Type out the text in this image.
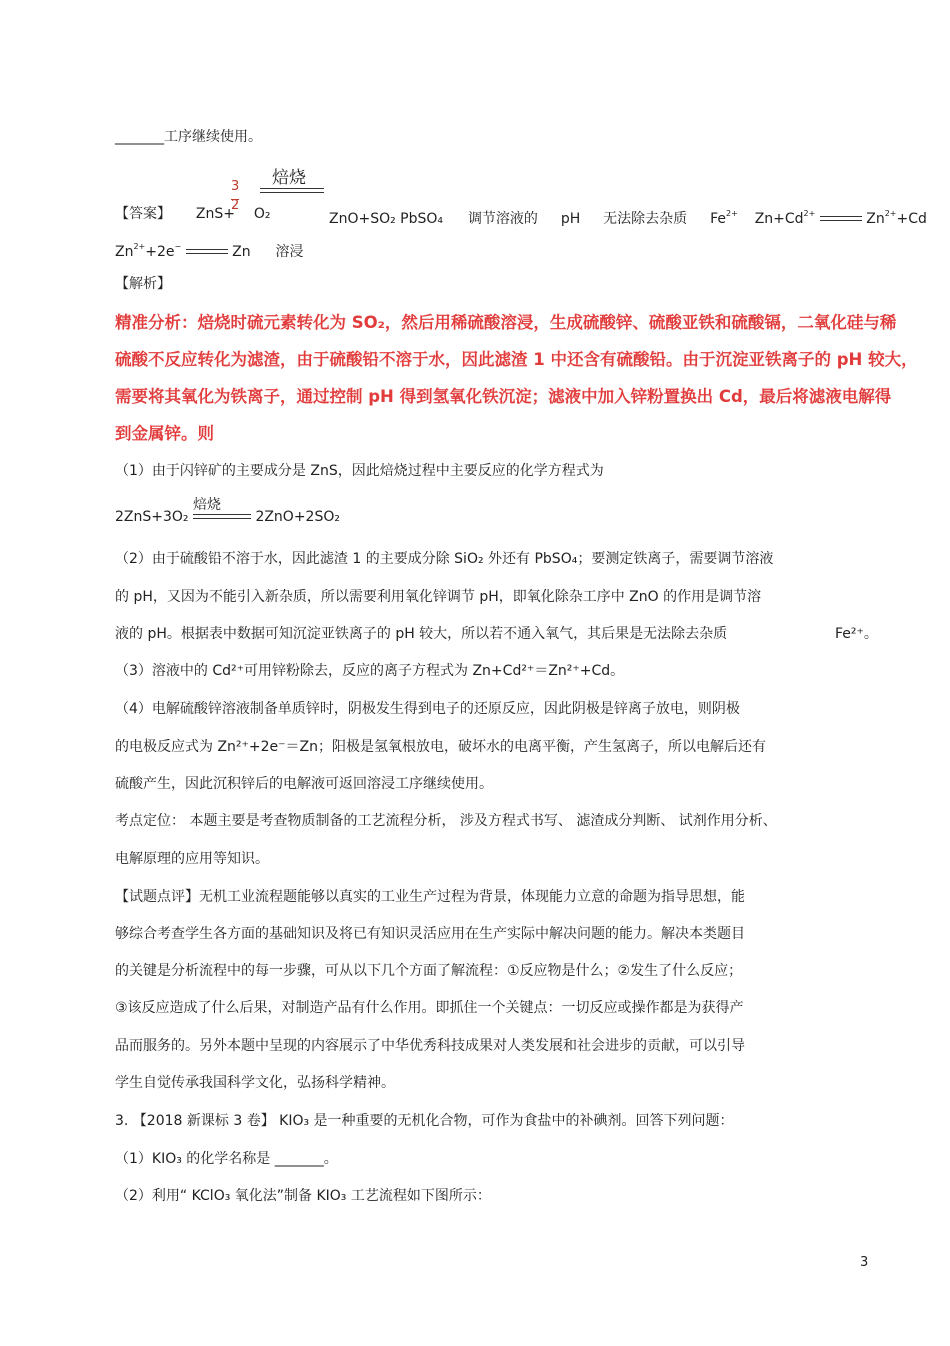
_______工序继续使用。
焙烧
3
2
【答案】 ZnS+ O₂	ZnO+SO₂ PbSO₄ 调节溶液的 pH 无法除去杂质 $Fe^{2+}$ $Zn+Cd^{2+}$	$Zn^{2+}+Cd$
$Zn^{2+}+2e^-$	Zn 溶浸
【解析】
精准分析：焙烧时硫元素转化为 SO₂，然后用稀硫酸溶浸，生成硫酸锌、硫酸亚铁和硫酸镉，二氧化硅与稀
硫酸不反应转化为滤渣，由于硫酸铅不溶于水，因此滤渣 1 中还含有硫酸铅。由于沉淀亚铁离子的 pH 较大，
需要将其氧化为铁离子，通过控制 pH 得到氢氧化铁沉淀；滤液中加入锌粉置换出 Cd，最后将滤液电解得
到金属锌。则
（1）由于闪锌矿的主要成分是 ZnS，因此焙烧过程中主要反应的化学方程式为
焙烧
2ZnS+3O₂	2ZnO+2SO₂
（2）由于硫酸铅不溶于水，因此滤渣 1 的主要成分除 SiO₂ 外还有 PbSO₄；要测定铁离子，需要调节溶液
的 pH，又因为不能引入新杂质，所以需要利用氧化锌调节 pH，即氧化除杂工序中 ZnO 的作用是调节溶
液的 pH。根据表中数据可知沉淀亚铁离子的 pH 较大，所以若不通入氧气，其后果是无法除去杂质	Fe²⁺。
（3）溶液中的 Cd²⁺可用锌粉除去，反应的离子方程式为 Zn+Cd²⁺＝Zn²⁺+Cd。
（4）电解硫酸锌溶液制备单质锌时，阴极发生得到电子的还原反应，因此阴极是锌离子放电，则阴极
的电极反应式为 Zn²⁺+2e⁻＝Zn；阳极是氢氧根放电，破坏水的电离平衡，产生氢离子，所以电解后还有
硫酸产生，因此沉积锌后的电解液可返回溶浸工序继续使用。
考点定位： 本题主要是考查物质制备的工艺流程分析， 涉及方程式书写、 滤渣成分判断、 试剂作用分析、
电解原理的应用等知识。
【试题点评】无机工业流程题能够以真实的工业生产过程为背景，体现能力立意的命题为指导思想，能
够综合考查学生各方面的基础知识及将已有知识灵活应用在生产实际中解决问题的能力。解决本类题目
的关键是分析流程中的每一步骤，可从以下几个方面了解流程：①反应物是什么；②发生了什么反应；
③该反应造成了什么后果，对制造产品有什么作用。即抓住一个关键点：一切反应或操作都是为获得产
品而服务的。另外本题中呈现的内容展示了中华优秀科技成果对人类发展和社会进步的贡献，可以引导
学生自觉传承我国科学文化，弘扬科学精神。
3. 【2018 新课标 3 卷】 KIO₃ 是一种重要的无机化合物，可作为食盐中的补碘剂。回答下列问题：
（1）KIO₃ 的化学名称是 _______。
（2）利用“ KClO₃ 氧化法”制备 KIO₃ 工艺流程如下图所示：
3
